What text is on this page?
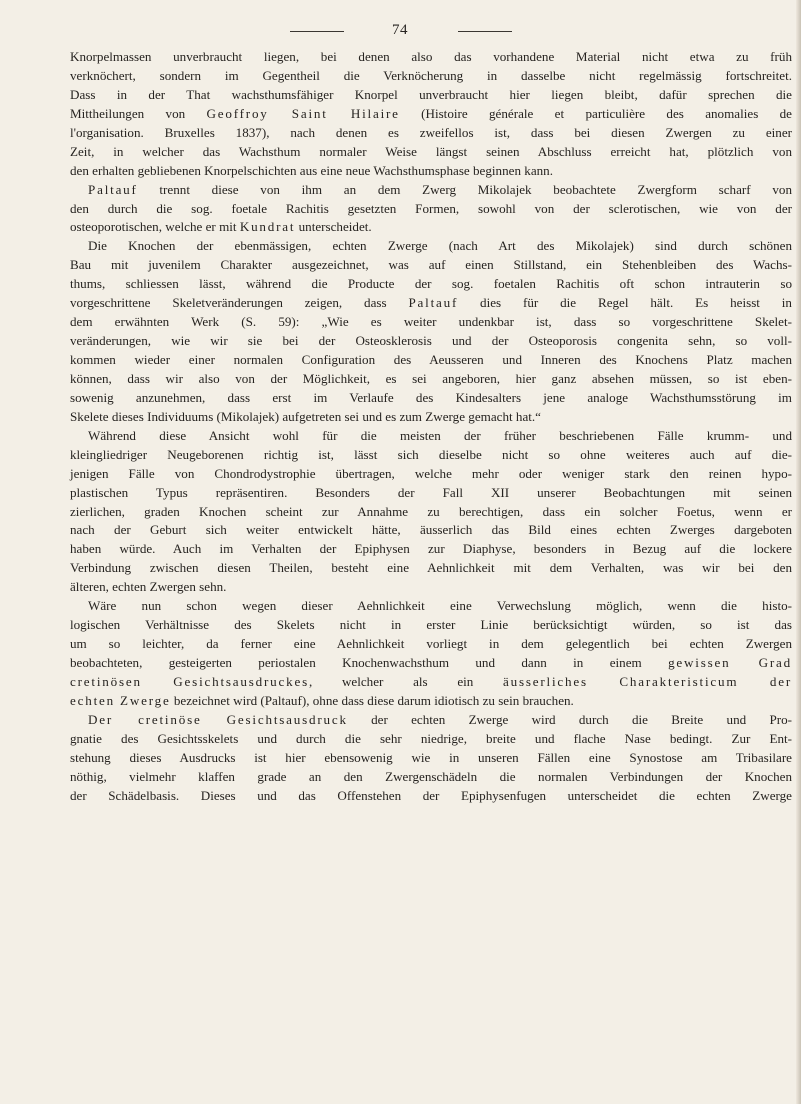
74

Knorpelmassen unverbraucht liegen, bei denen also das vorhandene Material nicht etwa zu früh

verknöchert, sondern im Gegentheil die Verknöcherung in dasselbe nicht regelmässig fortschreitet.

Dass in der That wachsthumsfähiger Knorpel unverbraucht hier liegen bleibt, dafür sprechen die

Mittheilungen von Geoffroy Saint Hilaire (Histoire générale et particulière des anomalies de

l'organisation. Bruxelles 1837), nach denen es zweifellos ist, dass bei diesen Zwergen zu einer

Zeit, in welcher das Wachsthum normaler Weise längst seinen Abschluss erreicht hat, plötzlich von

den erhalten gebliebenen Knorpelschichten aus eine neue Wachsthumsphase beginnen kann.

Paltauf trennt diese von ihm an dem Zwerg Mikolajek beobachtete Zwergform scharf von

den durch die sog. foetale Rachitis gesetzten Formen, sowohl von der sclerotischen, wie von der

osteoporotischen, welche er mit Kundrat unterscheidet.

Die Knochen der ebenmässigen, echten Zwerge (nach Art des Mikolajek) sind durch schönen

Bau mit juvenilem Charakter ausgezeichnet, was auf einen Stillstand, ein Stehenbleiben des Wachs-

thums, schliessen lässt, während die Producte der sog. foetalen Rachitis oft schon intrauterin so

vorgeschrittene Skeletveränderungen zeigen, dass Paltauf dies für die Regel hält. Es heisst in

dem erwähnten Werk (S. 59): „Wie es weiter undenkbar ist, dass so vorgeschrittene Skelet-

veränderungen, wie wir sie bei der Osteosklerosis und der Osteoporosis congenita sehn, so voll-

kommen wieder einer normalen Configuration des Aeusseren und Inneren des Knochens Platz machen

können, dass wir also von der Möglichkeit, es sei angeboren, hier ganz absehen müssen, so ist eben-

sowenig anzunehmen, dass erst im Verlaufe des Kindesalters jene analoge Wachsthumsstörung im

Skelete dieses Individuums (Mikolajek) aufgetreten sei und es zum Zwerge gemacht hat.“

Während diese Ansicht wohl für die meisten der früher beschriebenen Fälle krumm- und

kleingliedriger Neugeborenen richtig ist, lässt sich dieselbe nicht so ohne weiteres auch auf die-

jenigen Fälle von Chondrodystrophie übertragen, welche mehr oder weniger stark den reinen hypo-

plastischen Typus repräsentiren. Besonders der Fall XII unserer Beobachtungen mit seinen

zierlichen, graden Knochen scheint zur Annahme zu berechtigen, dass ein solcher Foetus, wenn er

nach der Geburt sich weiter entwickelt hätte, äusserlich das Bild eines echten Zwerges dargeboten

haben würde. Auch im Verhalten der Epiphysen zur Diaphyse, besonders in Bezug auf die lockere

Verbindung zwischen diesen Theilen, besteht eine Aehnlichkeit mit dem Verhalten, was wir bei den

älteren, echten Zwergen sehn.

Wäre nun schon wegen dieser Aehnlichkeit eine Verwechslung möglich, wenn die histo-

logischen Verhältnisse des Skelets nicht in erster Linie berücksichtigt würden, so ist das

um so leichter, da ferner eine Aehnlichkeit vorliegt in dem gelegentlich bei echten Zwergen

beobachteten, gesteigerten periostalen Knochenwachsthum und dann in einem gewissen Grad

cretinösen Gesichtsausdruckes, welcher als ein äusserliches Charakteristicum der

echten Zwerge bezeichnet wird (Paltauf), ohne dass diese darum idiotisch zu sein brauchen.

Der cretinöse Gesichtsausdruck der echten Zwerge wird durch die Breite und Pro-

gnatie des Gesichtsskelets und durch die sehr niedrige, breite und flache Nase bedingt. Zur Ent-

stehung dieses Ausdrucks ist hier ebensowenig wie in unseren Fällen eine Synostose am Tribasilare

nöthig, vielmehr klaffen grade an den Zwergenschädeln die normalen Verbindungen der Knochen

der Schädelbasis. Dieses und das Offenstehen der Epiphysenfugen unterscheidet die echten Zwerge
